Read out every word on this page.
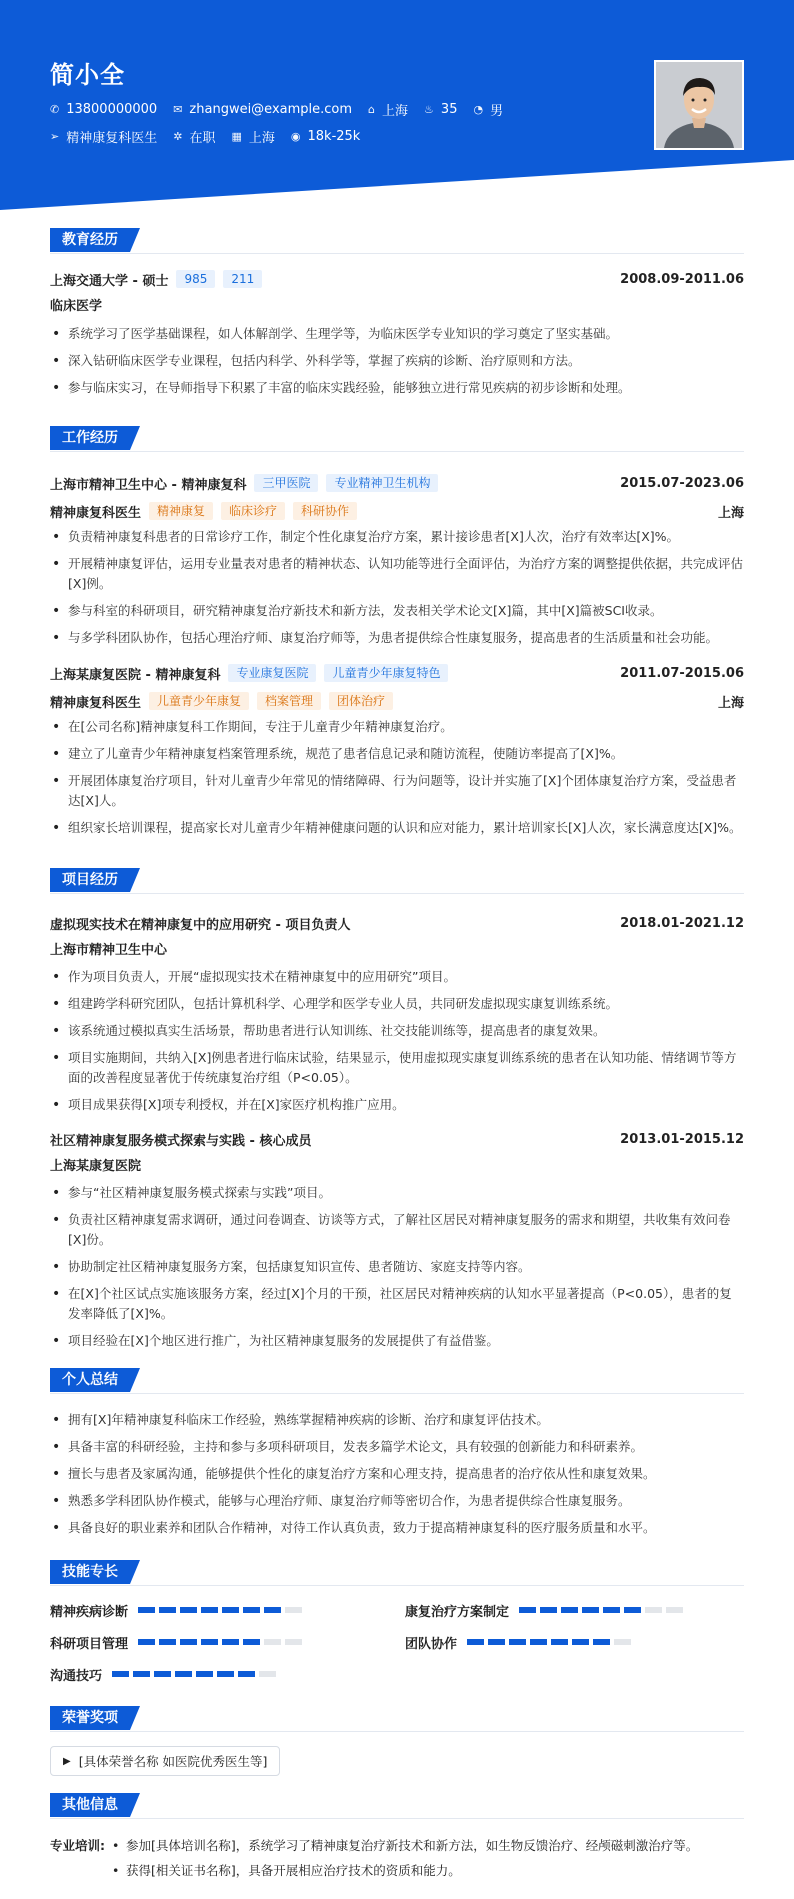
简小全
✆ 13800000000 ✉ zhangwei@example.com ⌂ 上海 ♨ 35 ◔ 男
➢ 精神康复科医生 ✲ 在职 ▦ 上海 ◉ 18k-25k
教育经历
上海交通大学 - 硕士	985	211	2008.09-2011.06
临床医学
• 系统学习了医学基础课程，如人体解剖学、生理学等，为临床医学专业知识的学习奠定了坚实基础。
• 深入钻研临床医学专业课程，包括内科学、外科学等，掌握了疾病的诊断、治疗原则和方法。
• 参与临床实习，在导师指导下积累了丰富的临床实践经验，能够独立进行常见疾病的初步诊断和处理。
工作经历
上海市精神卫生中心 - 精神康复科	三甲医院	专业精神卫生机构	2015.07-2023.06
精神康复科医生	精神康复	临床诊疗	科研协作	上海
• 负责精神康复科患者的日常诊疗工作，制定个性化康复治疗方案，累计接诊患者[X]人次，治疗有效率达[X]%。
• 开展精神康复评估，运用专业量表对患者的精神状态、认知功能等进行全面评估，为治疗方案的调整提供依据，共完成评估[X]例。
• 参与科室的科研项目，研究精神康复治疗新技术和新方法，发表相关学术论文[X]篇，其中[X]篇被SCI收录。
• 与多学科团队协作，包括心理治疗师、康复治疗师等，为患者提供综合性康复服务，提高患者的生活质量和社会功能。
上海某康复医院 - 精神康复科	专业康复医院	儿童青少年康复特色	2011.07-2015.06
精神康复科医生	儿童青少年康复	档案管理	团体治疗	上海
• 在[公司名称]精神康复科工作期间，专注于儿童青少年精神康复治疗。
• 建立了儿童青少年精神康复档案管理系统，规范了患者信息记录和随访流程，使随访率提高了[X]%。
• 开展团体康复治疗项目，针对儿童青少年常见的情绪障碍、行为问题等，设计并实施了[X]个团体康复治疗方案，受益患者达[X]人。
• 组织家长培训课程，提高家长对儿童青少年精神健康问题的认识和应对能力，累计培训家长[X]人次，家长满意度达[X]%。
项目经历
虚拟现实技术在精神康复中的应用研究 - 项目负责人	2018.01-2021.12
上海市精神卫生中心
• 作为项目负责人，开展“虚拟现实技术在精神康复中的应用研究”项目。
• 组建跨学科研究团队，包括计算机科学、心理学和医学专业人员，共同研发虚拟现实康复训练系统。
• 该系统通过模拟真实生活场景，帮助患者进行认知训练、社交技能训练等，提高患者的康复效果。
• 项目实施期间，共纳入[X]例患者进行临床试验，结果显示，使用虚拟现实康复训练系统的患者在认知功能、情绪调节等方面的改善程度显著优于传统康复治疗组（P<0.05）。
• 项目成果获得[X]项专利授权，并在[X]家医疗机构推广应用。
社区精神康复服务模式探索与实践 - 核心成员	2013.01-2015.12
上海某康复医院
• 参与“社区精神康复服务模式探索与实践”项目。
• 负责社区精神康复需求调研，通过问卷调查、访谈等方式，了解社区居民对精神康复服务的需求和期望，共收集有效问卷[X]份。
• 协助制定社区精神康复服务方案，包括康复知识宣传、患者随访、家庭支持等内容。
• 在[X]个社区试点实施该服务方案，经过[X]个月的干预，社区居民对精神疾病的认知水平显著提高（P<0.05），患者的复发率降低了[X]%。
• 项目经验在[X]个地区进行推广，为社区精神康复服务的发展提供了有益借鉴。
个人总结
• 拥有[X]年精神康复科临床工作经验，熟练掌握精神疾病的诊断、治疗和康复评估技术。
• 具备丰富的科研经验，主持和参与多项科研项目，发表多篇学术论文，具有较强的创新能力和科研素养。
• 擅长与患者及家属沟通，能够提供个性化的康复治疗方案和心理支持，提高患者的治疗依从性和康复效果。
• 熟悉多学科团队协作模式，能够与心理治疗师、康复治疗师等密切合作，为患者提供综合性康复服务。
• 具备良好的职业素养和团队合作精神，对待工作认真负责，致力于提高精神康复科的医疗服务质量和水平。
技能专长
精神疾病诊断	康复治疗方案制定
科研项目管理	团队协作
沟通技巧
荣誉奖项
▶ [具体荣誉名称 如医院优秀医生等]
其他信息
专业培训:
•	参加[具体培训名称]，系统学习了精神康复治疗新技术和新方法，如生物反馈治疗、经颅磁刺激治疗等。
• 获得[相关证书名称]，具备开展相应治疗技术的资质和能力。
